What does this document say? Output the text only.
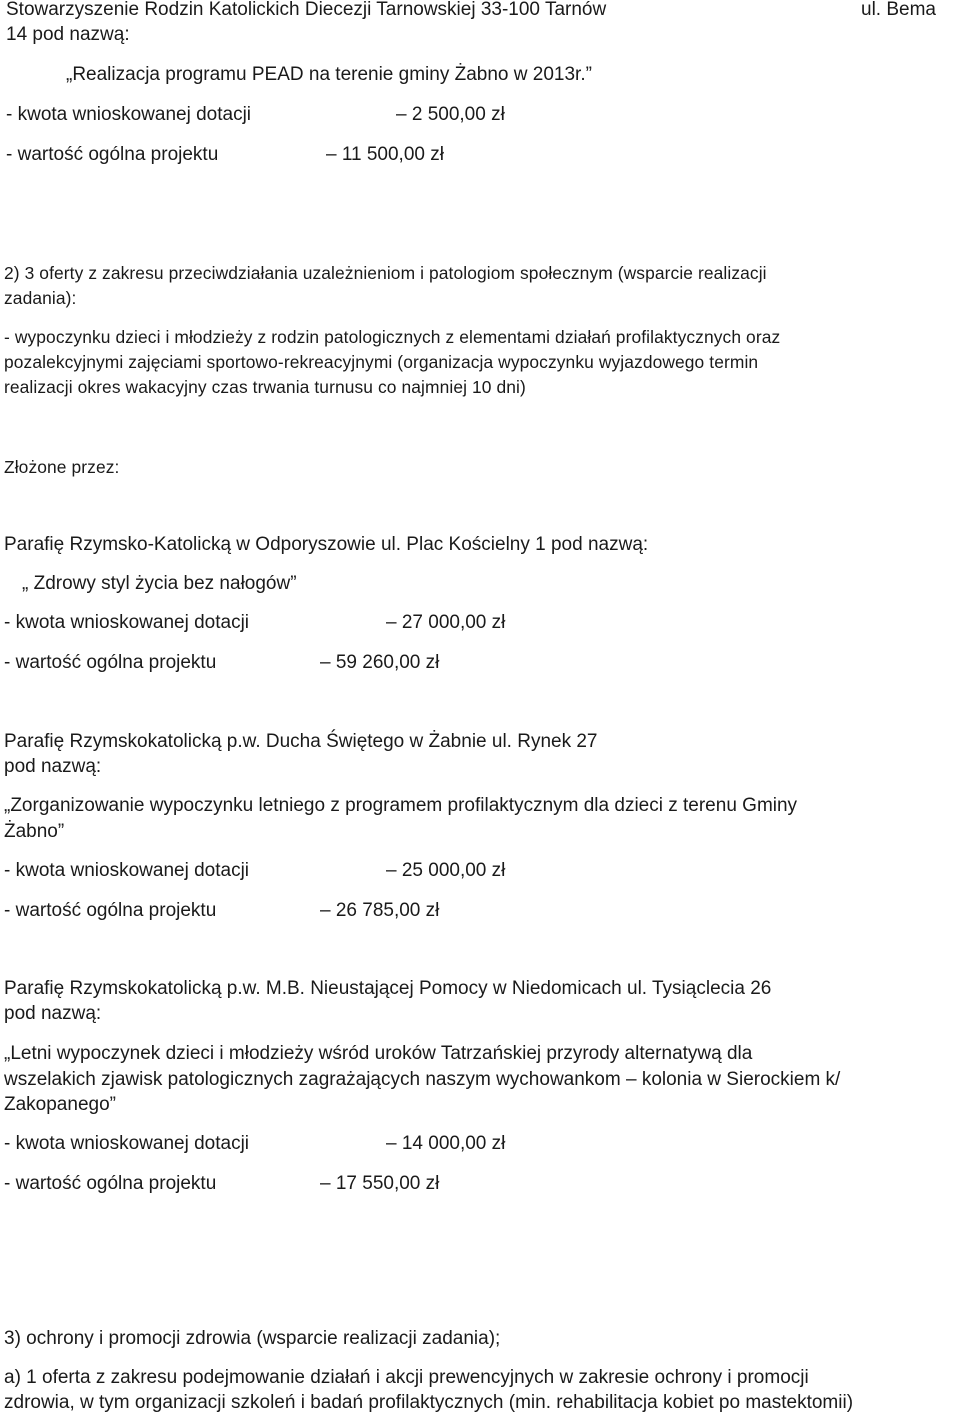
Stowarzyszenie Rodzin Katolickich Diecezji Tarnowskiej 33-100 Tarnów	ul. Bema
14 pod nazwą:
„Realizacja programu PEAD na terenie gminy Żabno w 2013r.”
- kwota wnioskowanej dotacji	– 2 500,00 zł
- wartość ogólna projektu	– 11 500,00 zł
2) 3 oferty z zakresu przeciwdziałania uzależnieniom i patologiom społecznym (wsparcie realizacji
zadania):
- wypoczynku dzieci i młodzieży z rodzin patologicznych z elementami działań profilaktycznych oraz
pozalekcyjnymi zajęciami sportowo-rekreacyjnymi (organizacja wypoczynku wyjazdowego termin
realizacji okres wakacyjny czas trwania turnusu co najmniej 10 dni)
Złożone przez:
Parafię Rzymsko-Katolicką w Odporyszowie ul. Plac Kościelny 1 pod nazwą:
„ Zdrowy styl życia bez nałogów”
- kwota wnioskowanej dotacji	– 27 000,00 zł
- wartość ogólna projektu	– 59 260,00 zł
Parafię Rzymskokatolicką p.w. Ducha Świętego w Żabnie ul. Rynek 27
pod nazwą:
„Zorganizowanie wypoczynku letniego z programem profilaktycznym dla dzieci z terenu Gminy
Żabno”
- kwota wnioskowanej dotacji	– 25 000,00 zł
- wartość ogólna projektu	– 26 785,00 zł
Parafię Rzymskokatolicką p.w. M.B. Nieustającej Pomocy w Niedomicach ul. Tysiąclecia 26
pod nazwą:
„Letni wypoczynek dzieci i młodzieży wśród uroków Tatrzańskiej przyrody alternatywą dla
wszelakich zjawisk patologicznych zagrażających naszym wychowankom – kolonia w Sierockiem k/
Zakopanego”
- kwota wnioskowanej dotacji	– 14 000,00 zł
- wartość ogólna projektu	– 17 550,00 zł
3) ochrony i promocji zdrowia (wsparcie realizacji zadania);
a) 1 oferta z zakresu podejmowanie działań i akcji prewencyjnych w zakresie ochrony i promocji
zdrowia, w tym organizacji szkoleń i badań profilaktycznych (min. rehabilitacja kobiet po mastektomii)
